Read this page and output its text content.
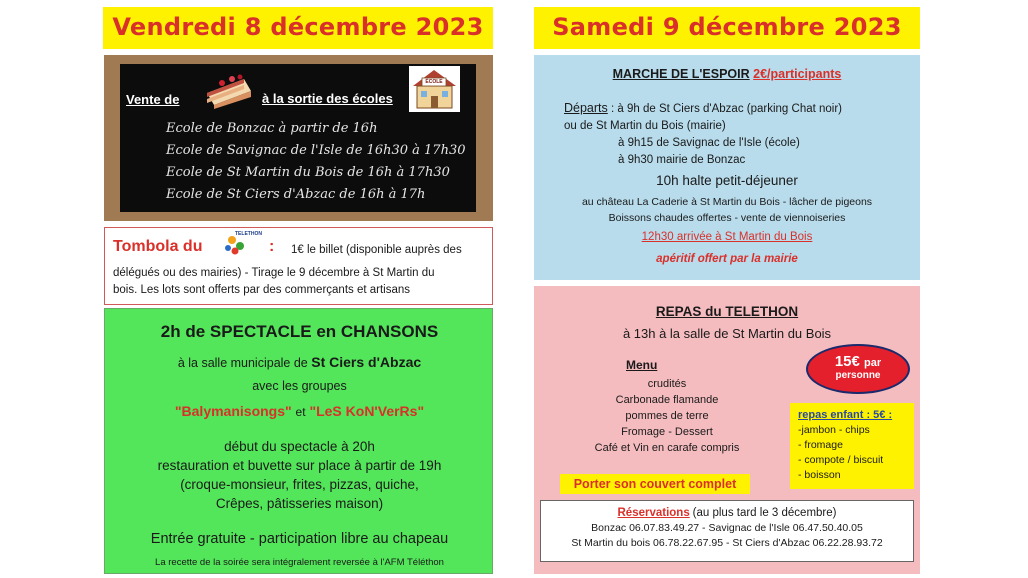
Vendredi 8 décembre 2023
Vente de	à la sortie des écoles
ÉCOLE
Ecole de Bonzac à partir de 16h
Ecole de Savignac de l'Isle de 16h30 à 17h30
Ecole de St Martin du Bois de 16h à 17h30
Ecole de St Ciers d'Abzac de 16h à 17h
Tombola du
TELETHON
: 1€ le billet (disponible auprès des
délégués ou des mairies) - Tirage le 9 décembre à St Martin du
bois. Les lots sont offerts par des commerçants et artisans
2h de SPECTACLE en CHANSONS
à la salle municipale de St Ciers d'Abzac
avec les groupes
"Balymanisongs" et "LeS KoN'VerRs"
début du spectacle à 20h
restauration et buvette sur place à partir de 19h
(croque-monsieur, frites, pizzas, quiche,
Crêpes, pâtisseries maison)
Entrée gratuite - participation libre au chapeau
La recette de la soirée sera intégralement reversée à l'AFM Téléthon
Samedi 9 décembre 2023
MARCHE DE L'ESPOIR 2€/participants
Départs : à 9h de St Ciers d'Abzac (parking Chat noir)
ou de St Martin du Bois (mairie)
à 9h15 de Savignac de l'Isle (école)
à 9h30 mairie de Bonzac
10h halte petit-déjeuner
au château La Caderie à St Martin du Bois - lâcher de pigeons
Boissons chaudes offertes - vente de viennoiseries
12h30 arrivée à St Martin du Bois
apéritif offert par la mairie
REPAS du TELETHON
à 13h à la salle de St Martin du Bois
15€ par
personne
Menu
crudités
Carbonade flamande
pommes de terre
Fromage - Dessert
Café et Vin en carafe compris
repas enfant : 5€ :
-jambon - chips
- fromage
- compote / biscuit
- boisson
Porter son couvert complet
Réservations (au plus tard le 3 décembre)
Bonzac 06.07.83.49.27 - Savignac de l'Isle 06.47.50.40.05
St Martin du bois 06.78.22.67.95 - St Ciers d'Abzac 06.22.28.93.72
